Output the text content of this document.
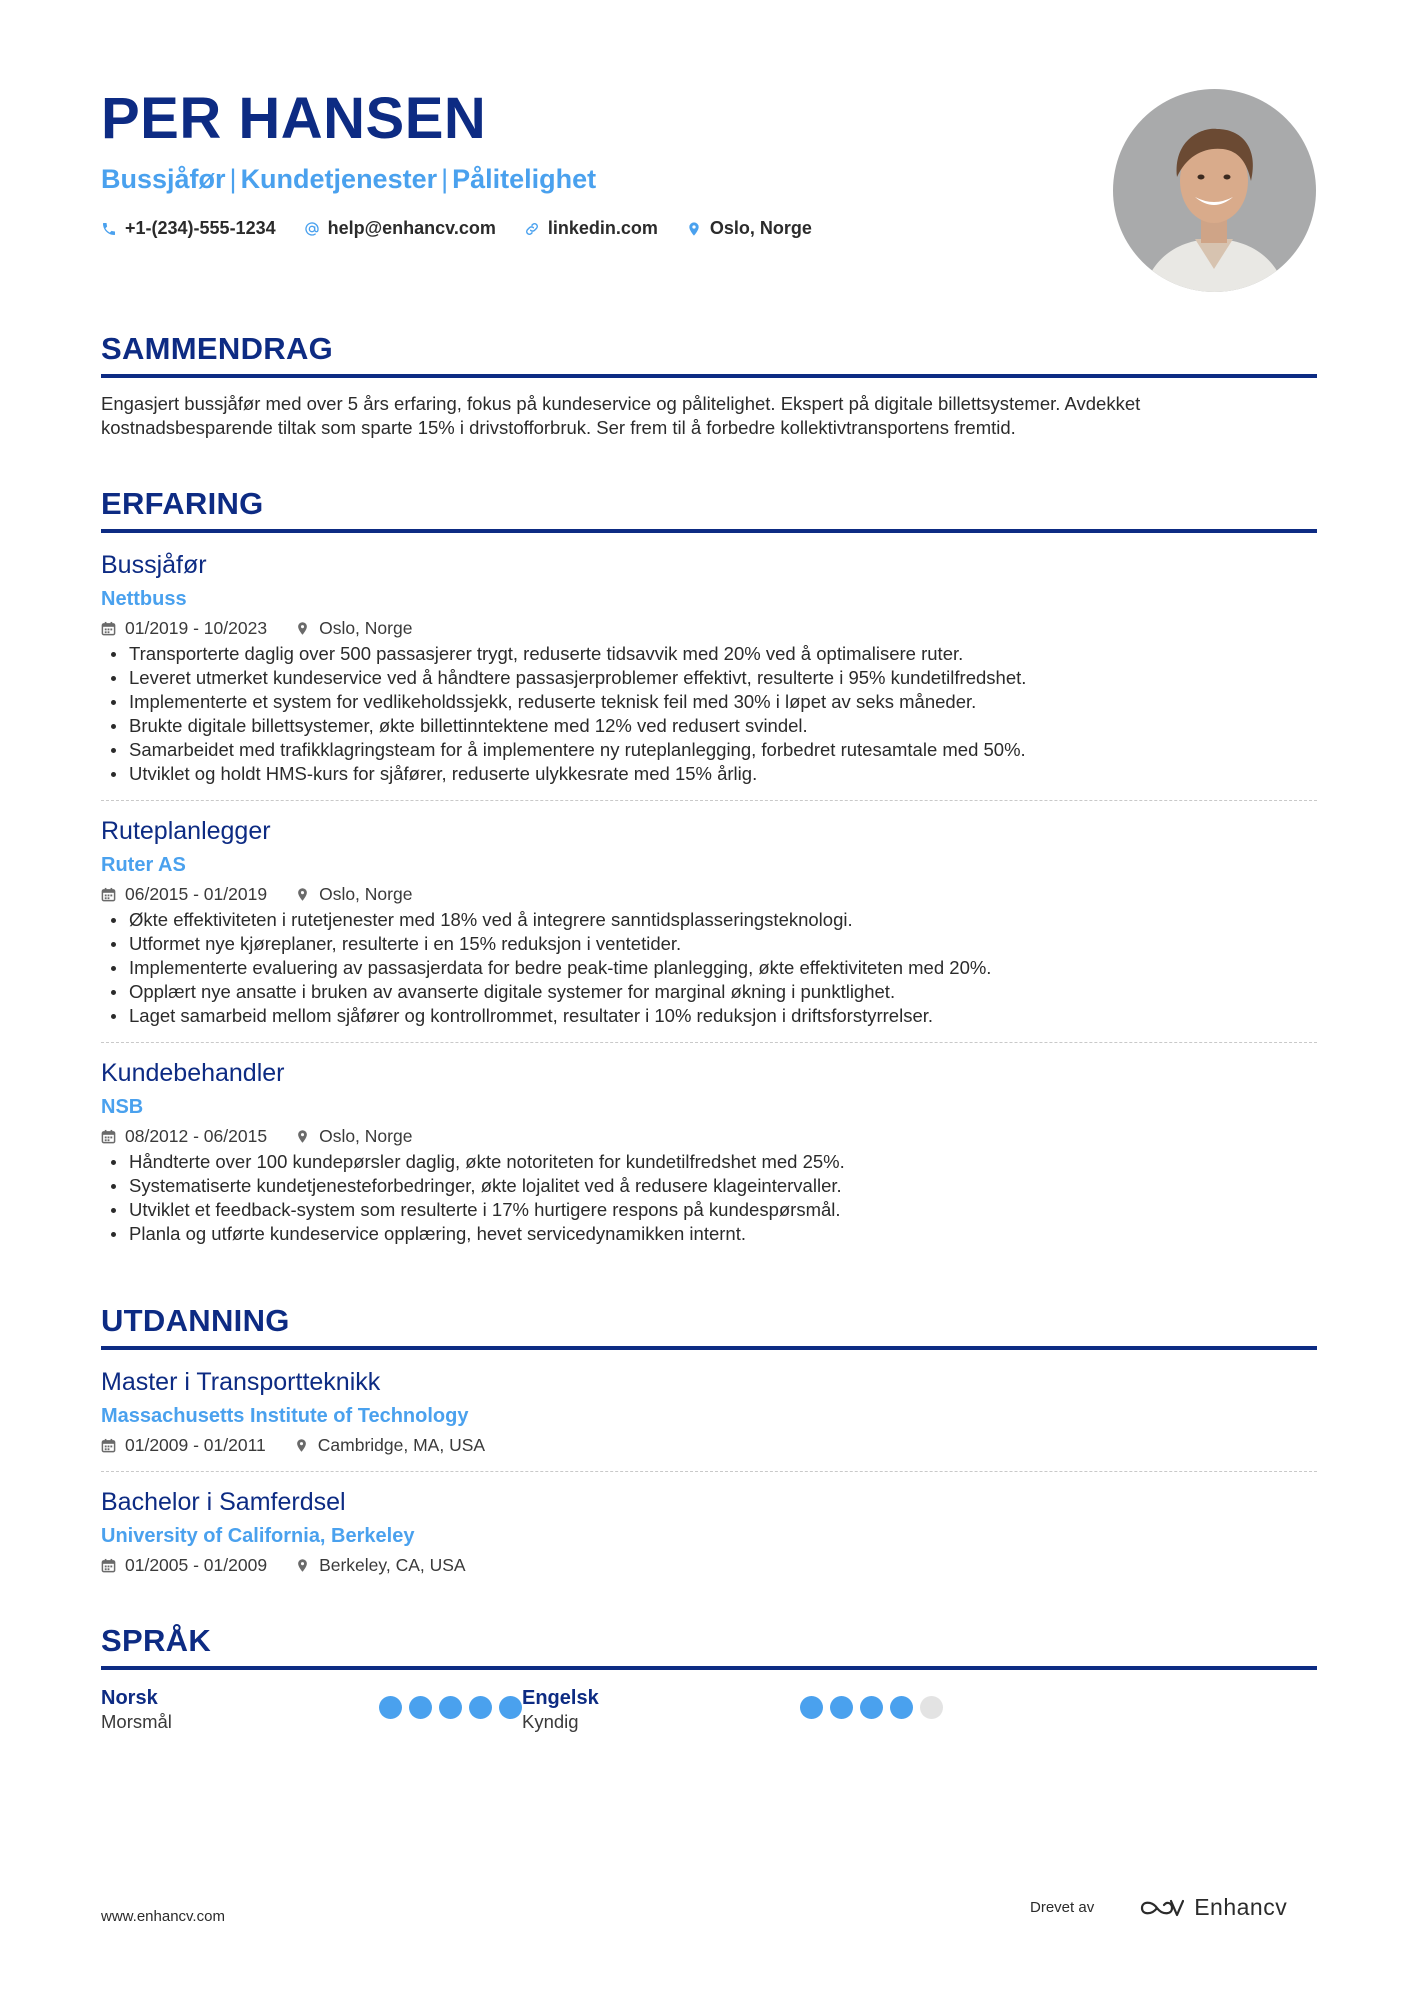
PER HANSEN
Bussjåfør | Kundetjenester | Pålitelighet
+1-(234)-555-1234	help@enhancv.com	linkedin.com	Oslo, Norge
SAMMENDRAG

Engasjert bussjåfør med over 5 års erfaring, fokus på kundeservice og pålitelighet. Ekspert på digitale billettsystemer. Avdekket kostnadsbesparende tiltak som sparte 15% i drivstofforbruk. Ser frem til å forbedre kollektivtransportens fremtid.

ERFARING
Bussjåfør
Nettbuss
01/2019 - 10/2023	Oslo, Norge
Transporterte daglig over 500 passasjerer trygt, reduserte tidsavvik med 20% ved å optimalisere ruter.
Leveret utmerket kundeservice ved å håndtere passasjerproblemer effektivt, resulterte i 95% kundetilfredshet.
Implementerte et system for vedlikeholdssjekk, reduserte teknisk feil med 30% i løpet av seks måneder.
Brukte digitale billettsystemer, økte billettinntektene med 12% ved redusert svindel.
Samarbeidet med trafikklagringsteam for å implementere ny ruteplanlegging, forbedret rutesamtale med 50%.
Utviklet og holdt HMS-kurs for sjåfører, reduserte ulykkesrate med 15% årlig.
Ruteplanlegger
Ruter AS
06/2015 - 01/2019	Oslo, Norge
Økte effektiviteten i rutetjenester med 18% ved å integrere sanntidsplasseringsteknologi.
Utformet nye kjøreplaner, resulterte i en 15% reduksjon i ventetider.
Implementerte evaluering av passasjerdata for bedre peak-time planlegging, økte effektiviteten med 20%.
Opplært nye ansatte i bruken av avanserte digitale systemer for marginal økning i punktlighet.
Laget samarbeid mellom sjåfører og kontrollrommet, resultater i 10% reduksjon i driftsforstyrrelser.
Kundebehandler
NSB
08/2012 - 06/2015	Oslo, Norge
Håndterte over 100 kundepørsler daglig, økte notoriteten for kundetilfredshet med 25%.
Systematiserte kundetjenesteforbedringer, økte lojalitet ved å redusere klageintervaller.
Utviklet et feedback-system som resulterte i 17% hurtigere respons på kundespørsmål.
Planla og utførte kundeservice opplæring, hevet servicedynamikken internt.
UTDANNING
Master i Transportteknikk
Massachusetts Institute of Technology
01/2009 - 01/2011	Cambridge, MA, USA
Bachelor i Samferdsel
University of California, Berkeley
01/2005 - 01/2009	Berkeley, CA, USA
SPRÅK
Norsk
Morsmål
Engelsk
Kyndig
www.enhancv.com
Drevet av	Enhancv
